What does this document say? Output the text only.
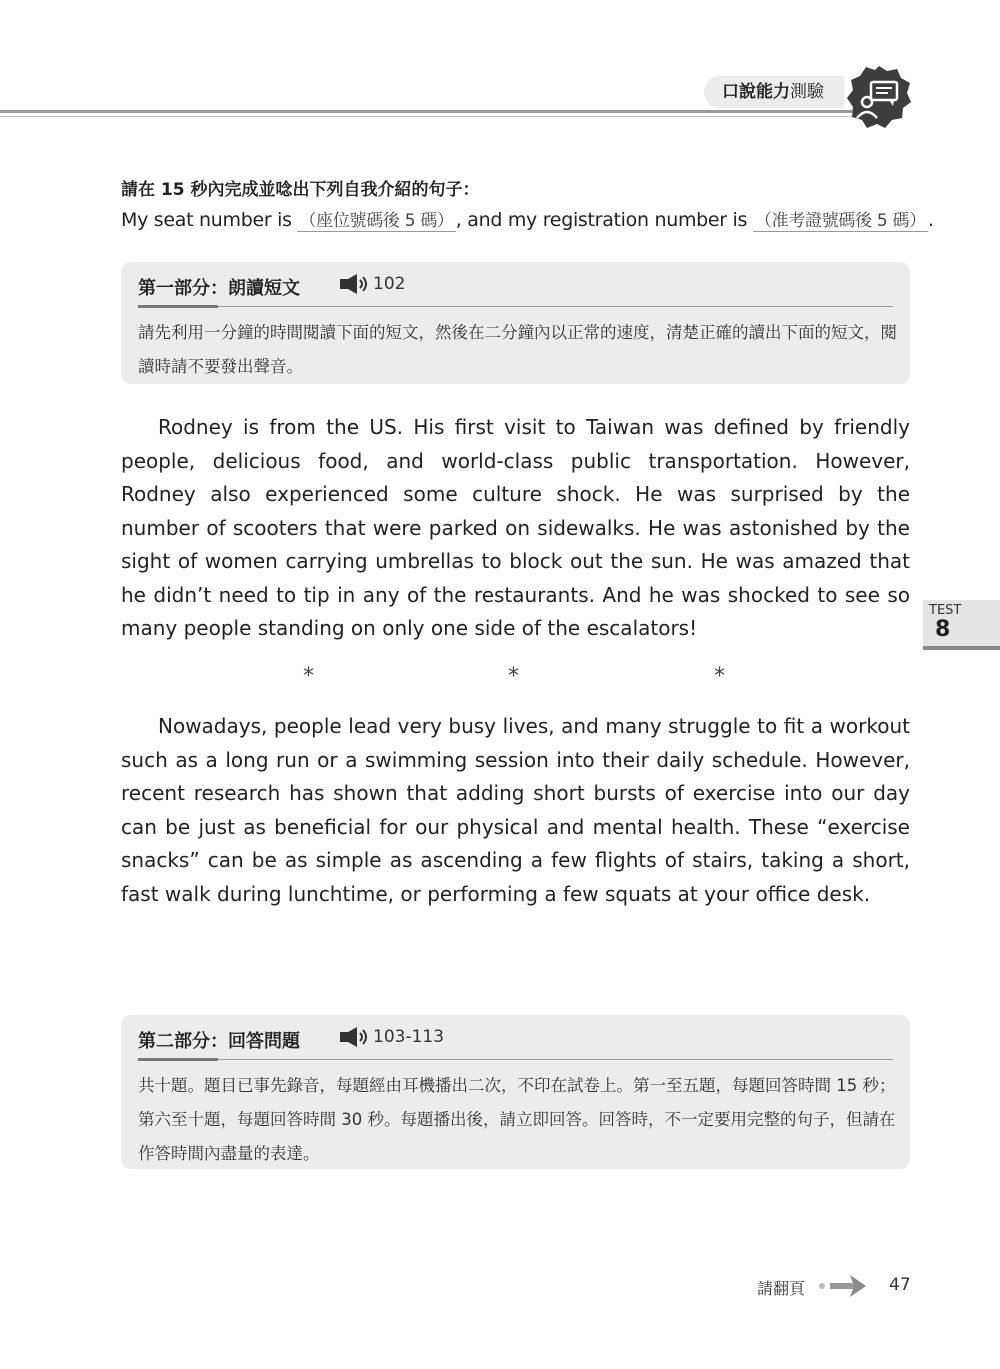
口說能力測驗
請在 15 秒內完成並唸出下列自我介紹的句子：
My seat number is （座位號碼後 5 碼） , and my registration number is （准考證號碼後 5 碼） .
第一部分：朗讀短文	102
請先利用一分鐘的時間閱讀下面的短文，然後在二分鐘內以正常的速度，清楚正確的讀出下面的短文，閱讀時請不要發出聲音。
Rodney is from the US. His first visit to Taiwan was defined by friendly people, delicious food, and world-class public transportation. However, Rodney also experienced some culture shock. He was surprised by the number of scooters that were parked on sidewalks. He was astonished by the sight of women carrying umbrellas to block out the sun. He was amazed that he didn’t need to tip in any of the restaurants. And he was shocked to see so many people standing on only one side of the escalators!
*	*	*
Nowadays, people lead very busy lives, and many struggle to fit a workout such as a long run or a swimming session into their daily schedule. However, recent research has shown that adding short bursts of exercise into our day can be just as beneficial for our physical and mental health. These “exercise snacks” can be as simple as ascending a few flights of stairs, taking a short, fast walk during lunchtime, or performing a few squats at your office desk.
第二部分：回答問題	103-113
共十題。題目已事先錄音，每題經由耳機播出二次，不印在試卷上。第一至五題，每題回答時間 15 秒；第六至十題，每題回答時間 30 秒。每題播出後，請立即回答。回答時，不一定要用完整的句子，但請在作答時間內盡量的表達。
TEST
8
請翻頁	47
